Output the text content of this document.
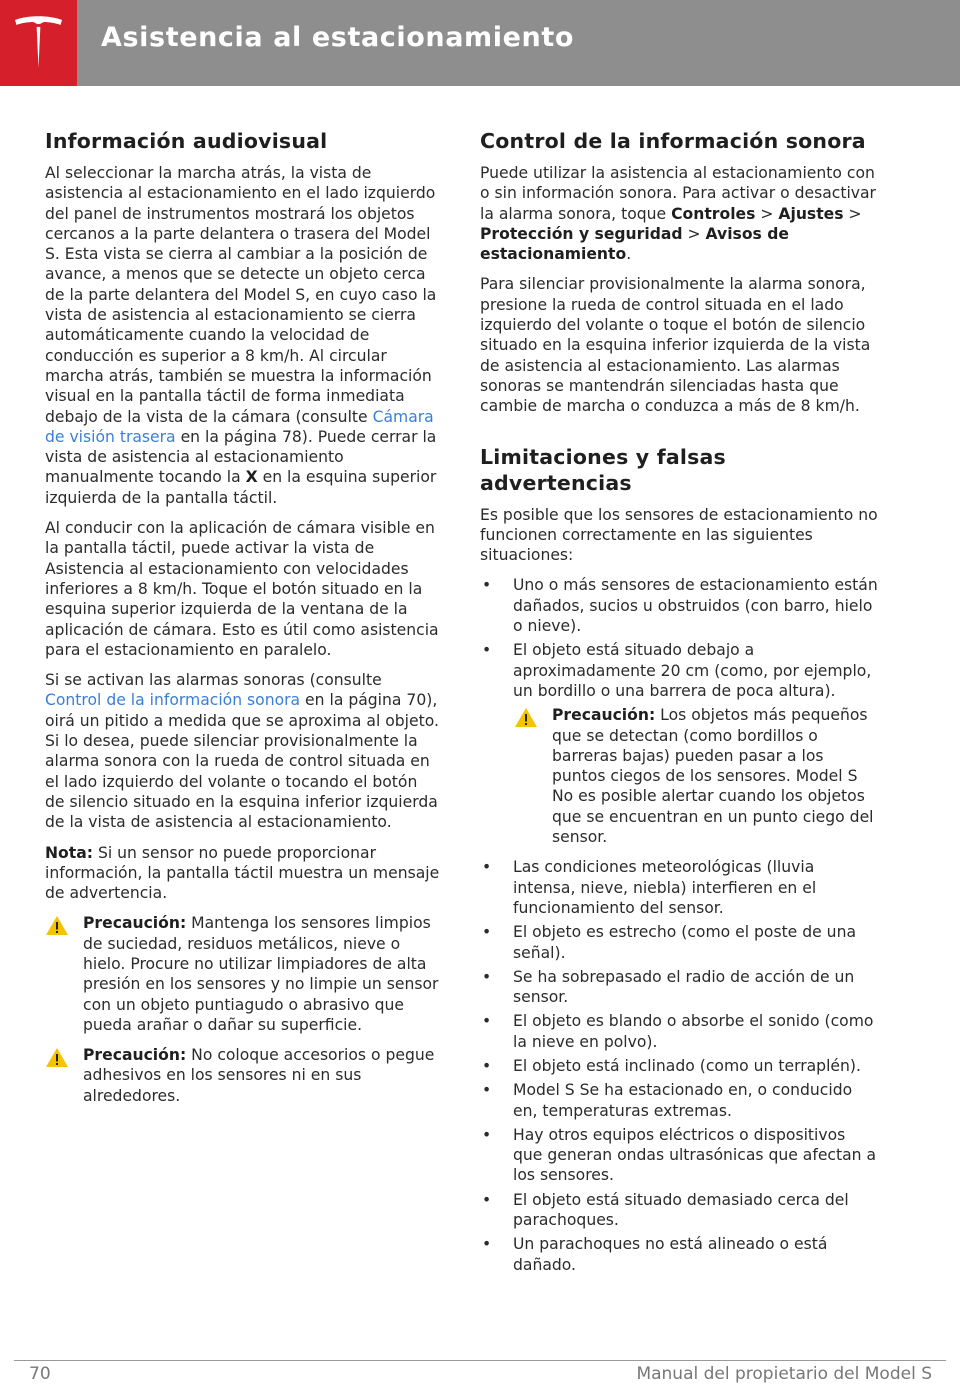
Asistencia al estacionamiento
Información audiovisual

Al seleccionar la marcha atrás, la vista de asistencia al estacionamiento en el lado izquierdo del panel de instrumentos mostrará los objetos cercanos a la parte delantera o trasera del Model S. Esta vista se cierra al cambiar a la posición de avance, a menos que se detecte un objeto cerca de la parte delantera del Model S, en cuyo caso la vista de asistencia al estacionamiento se cierra automáticamente cuando la velocidad de conducción es superior a 8 km/h. Al circular marcha atrás, también se muestra la información visual en la pantalla táctil de forma inmediata debajo de la vista de la cámara (consulte Cámara de visión trasera en la página 78). Puede cerrar la vista de asistencia al estacionamiento manualmente tocando la X en la esquina superior izquierda de la pantalla táctil.

Al conducir con la aplicación de cámara visible en la pantalla táctil, puede activar la vista de Asistencia al estacionamiento con velocidades inferiores a 8 km/h. Toque el botón situado en la esquina superior izquierda de la ventana de la aplicación de cámara. Esto es útil como asistencia para el estacionamiento en paralelo.

Si se activan las alarmas sonoras (consulte Control de la información sonora en la página 70), oirá un pitido a medida que se aproxima al objeto. Si lo desea, puede silenciar provisionalmente la alarma sonora con la rueda de control situada en el lado izquierdo del volante o tocando el botón de silencio situado en la esquina inferior izquierda de la vista de asistencia al estacionamiento.

Nota: Si un sensor no puede proporcionar información, la pantalla táctil muestra un mensaje de advertencia.

Precaución: Mantenga los sensores limpios de suciedad, residuos metálicos, nieve o hielo. Procure no utilizar limpiadores de alta presión en los sensores y no limpie un sensor con un objeto puntiagudo o abrasivo que pueda arañar o dañar su superficie.
Precaución: No coloque accesorios o pegue adhesivos en los sensores ni en sus alrededores.
Control de la información sonora

Puede utilizar la asistencia al estacionamiento con o sin información sonora. Para activar o desactivar la alarma sonora, toque Controles > Ajustes > Protección y seguridad > Avisos de estacionamiento.

Para silenciar provisionalmente la alarma sonora, presione la rueda de control situada en el lado izquierdo del volante o toque el botón de silencio situado en la esquina inferior izquierda de la vista de asistencia al estacionamiento. Las alarmas sonoras se mantendrán silenciadas hasta que cambie de marcha o conduzca a más de 8 km/h.

Limitaciones y falsas advertencias

Es posible que los sensores de estacionamiento no funcionen correctamente en las siguientes situaciones:

• Uno o más sensores de estacionamiento están dañados, sucios u obstruidos (con barro, hielo o nieve).
• El objeto está situado debajo a aproximadamente 20 cm (como, por ejemplo, un bordillo o una barrera de poca altura).
Precaución: Los objetos más pequeños que se detectan (como bordillos o barreras bajas) pueden pasar a los puntos ciegos de los sensores. Model S No es posible alertar cuando los objetos que se encuentran en un punto ciego del sensor.
• Las condiciones meteorológicas (lluvia intensa, nieve, niebla) interfieren en el funcionamiento del sensor.
• El objeto es estrecho (como el poste de una señal).
• Se ha sobrepasado el radio de acción de un sensor.
• El objeto es blando o absorbe el sonido (como la nieve en polvo).
• El objeto está inclinado (como un terraplén).
• Model S Se ha estacionado en, o conducido en, temperaturas extremas.
• Hay otros equipos eléctricos o dispositivos que generan ondas ultrasónicas que afectan a los sensores.
• El objeto está situado demasiado cerca del parachoques.
• Un parachoques no está alineado o está dañado.
70	Manual del propietario del Model S
